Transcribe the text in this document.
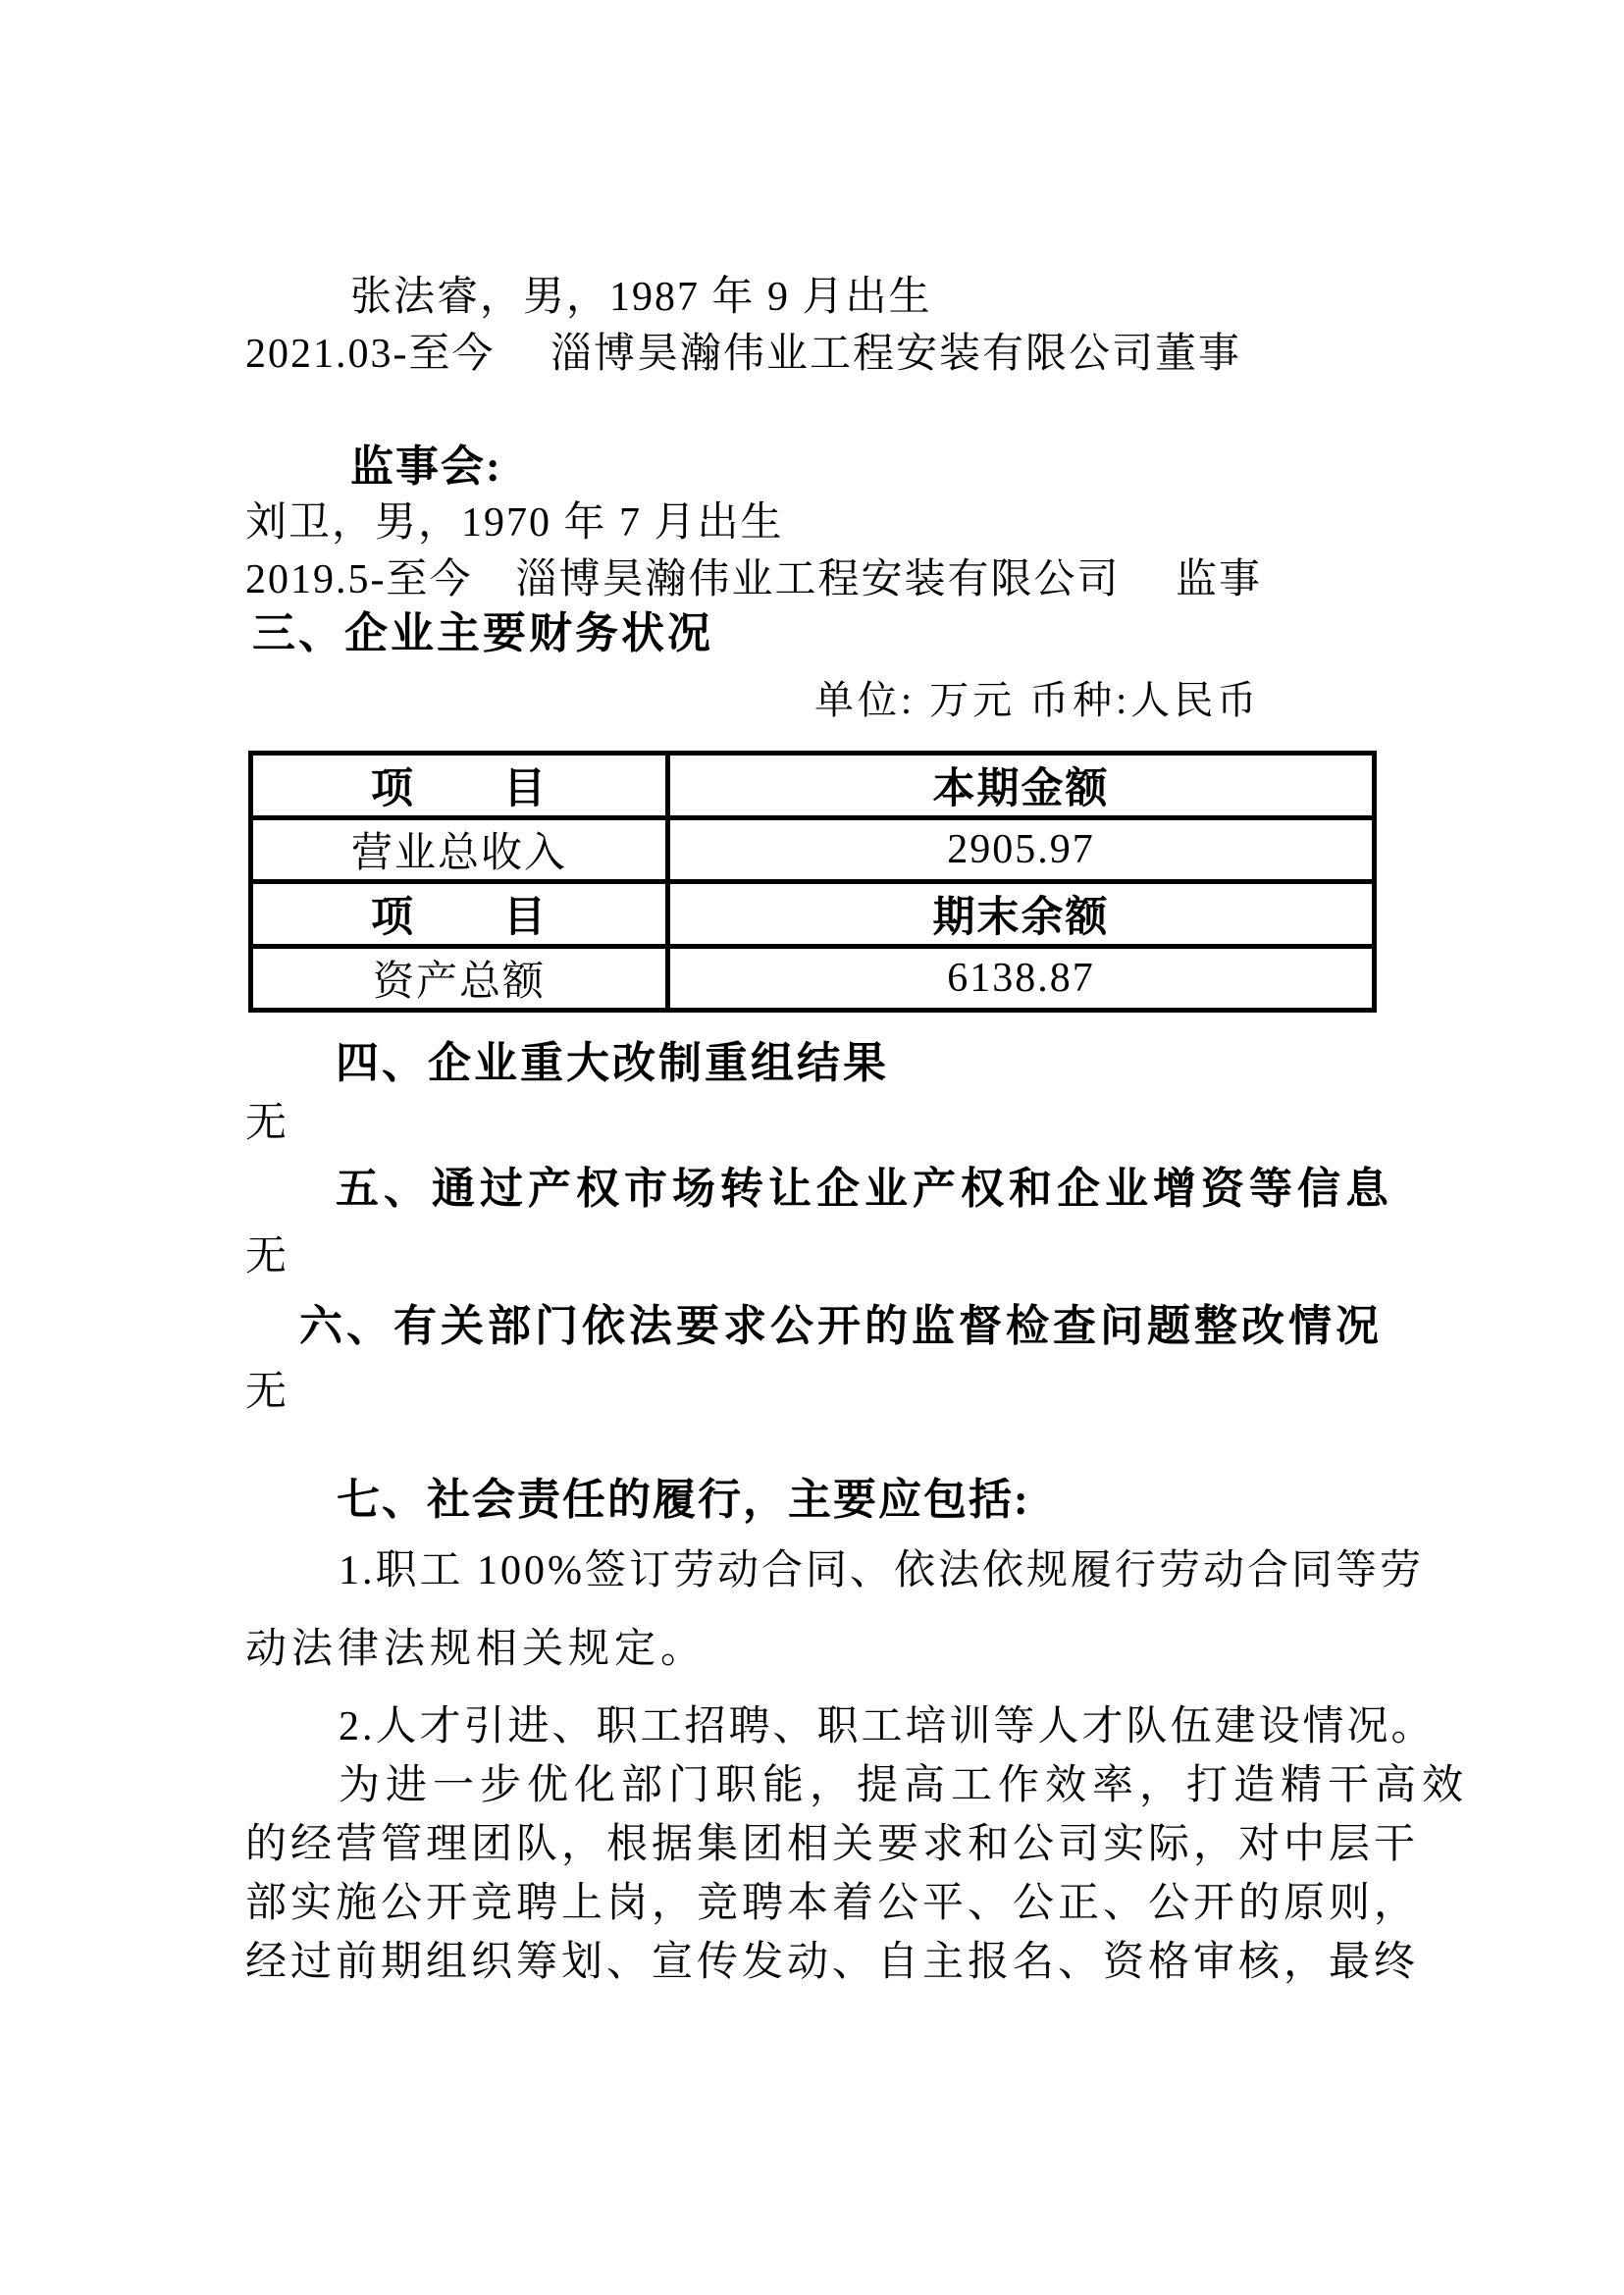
张法睿，男，1987 年 9 月出生
2021.03-至今　 淄博昊瀚伟业工程安装有限公司董事
监事会:
刘卫，男，1970 年 7 月出生
2019.5-至今　淄博昊瀚伟业工程安装有限公司　 监事
三、企业主要财务状况
单位: 万元 币种:人民币
项　　目	本期金额
营业总收入	2905.97
项　　目	期末余额
资产总额	6138.87
四、企业重大改制重组结果
无
五、通过产权市场转让企业产权和企业增资等信息
无
六、有关部门依法要求公开的监督检查问题整改情况
无
七、社会责任的履行，主要应包括:
1.职工 100%签订劳动合同、依法依规履行劳动合同等劳
动法律法规相关规定。
2.人才引进、职工招聘、职工培训等人才队伍建设情况。
为进一步优化部门职能，提高工作效率，打造精干高效
的经营管理团队，根据集团相关要求和公司实际，对中层干
部实施公开竞聘上岗，竞聘本着公平、公正、公开的原则，
经过前期组织筹划、宣传发动、自主报名、资格审核，最终
